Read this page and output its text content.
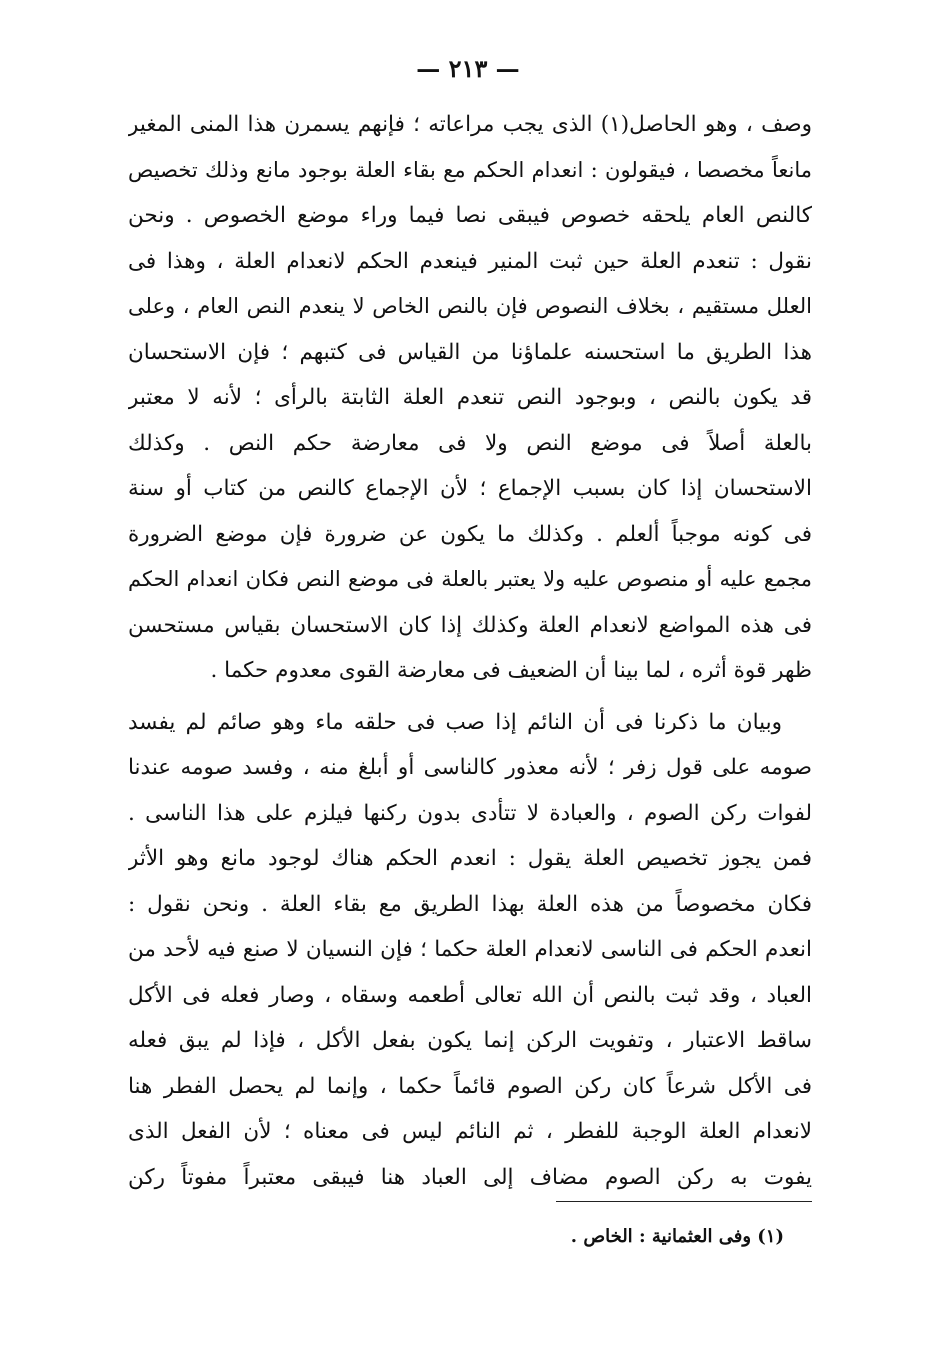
— ٢١٣ —
وصف ، وهو الحاصل(١) الذى يجب مراعاته ؛ فإنهم يسمرن هذا المنى المغير
مانعاً مخصصا ، فيقولون : انعدام الحكم مع بقاء العلة بوجود مانع وذلك تخصيص
كالنص العام يلحقه خصوص فيبقى نصا فيما وراء موضع الخصوص . ونحن
نقول : تنعدم العلة حين ثبت المنير فينعدم الحكم لانعدام العلة ، وهذا فى
العلل مستقيم ، بخلاف النصوص فإن بالنص الخاص لا ينعدم النص العام ، وعلى
هذا الطريق ما استحسنه علماؤنا من القياس فى كتبهم ؛ فإن الاستحسان
قد يكون بالنص ، وبوجود النص تنعدم العلة الثابتة بالرأى ؛ لأنه لا معتبر
بالعلة أصلاً فى موضع النص ولا فى معارضة حكم النص . وكذلك
الاستحسان إذا كان بسبب الإجماع ؛ لأن الإجماع كالنص من كتاب أو سنة
فى كونه موجباً ألعلم . وكذلك ما يكون عن ضرورة فإن موضع الضرورة
مجمع عليه أو منصوص عليه ولا يعتبر بالعلة فى موضع النص فكان انعدام الحكم
فى هذه المواضع لانعدام العلة وكذلك إذا كان الاستحسان بقياس مستحسن
ظهر قوة أثره ، لما بينا أن الضعيف فى معارضة القوى معدوم حكما .
وبيان ما ذكرنا فى أن النائم إذا صب فى حلقه ماء وهو صائم لم يفسد
صومه على قول زفر ؛ لأنه معذور كالناسى أو أبلغ منه ، وفسد صومه عندنا
لفوات ركن الصوم ، والعبادة لا تتأدى بدون ركنها فيلزم على هذا الناسى .
فمن يجوز تخصيص العلة يقول : انعدم الحكم هناك لوجود مانع وهو الأثر
فكان مخصوصاً من هذه العلة بهذا الطريق مع بقاء العلة . ونحن نقول :
انعدم الحكم فى الناسى لانعدام العلة حكما ؛ فإن النسيان لا صنع فيه لأحد من
العباد ، وقد ثبت بالنص أن الله تعالى أطعمه وسقاه ، وصار فعله فى الأكل
ساقط الاعتبار ، وتفويت الركن إنما يكون بفعل الأكل ، فإذا لم يبق فعله
فى الأكل شرعاً كان ركن الصوم قائماً حكما ، وإنما لم يحصل الفطر هنا
لانعدام العلة الوجبة للفطر ، ثم النائم ليس فى معناه ؛ لأن الفعل الذى
يفوت به ركن الصوم مضاف إلى العباد هنا فيبقى معتبراً مفوتاً ركن
(١) وفى العثمانية : الخاص .
